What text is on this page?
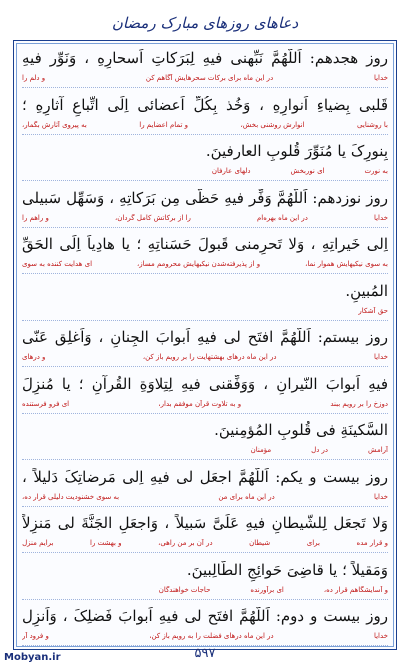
دعاهای روزهای مبارک رمضان
روز هجدهم: اَللّهُمَّ نَبِّهنی فیهِ لِبَرَکاتِ اَسحارِهِ ، وَنَوِّر فیهِ
خدایا
در این ماه برای برکات سحرهایش آگاهم کن
و دلم را
قَلبی بِضیاءِ اَنوارِهِ ، وَخُذ بِکُلِّ اَعضائی اِلَی اتِّباعِ آثارِهِ ؛
با روشنایی
انوارش روشنی بخش،
و تمام اعضایم را
به پیروی آثارش بگمار،
بِنورِکَ یا مُنَوِّرَ قُلوبِ العارفینَ.
به نورت
ای نوربخش
دلهای عارفان
روز نوزدهم: اَللّهُمَّ وَفِّر فیهِ حَظّی مِن بَرَکاتِهِ ، وَسَهِّل سَبیلی
خدایا
در این ماه بهره‌ام
را از برکاتش کامل گردان،
و راهم را
اِلی خَیراتِهِ ، وَلا تَحرِمنی قَبولَ حَسَناتِهِ ؛ یا هادِیاً اِلَی الحَقِّ
به سوی نیکیهایش هموار نما،
و از پذیرفته‌شدن نیکیهایش محرومم مساز،
ای هدایت کننده به سوی
المُبینِ.
حق آشکار
روز بیستم: اَللّهُمَّ افتَح لی فیهِ اَبوابَ الجِنانِ ، وَاَغلِق عَنّی
خدایا
در این ماه درهای بهشتهایت را بر رویم باز کن،
و درهای
فیهِ اَبوابَ النّیرانِ ، وَوَفِّقنی فیهِ لِتِلاوَةِ القُرآنِ ؛ یا مُنزِلَ
دوزخ را بر رویم ببند
و به تلاوت قرآن موفقم بدار،
ای فرو فرستنده
السَّکینَةِ فی قُلوبِ المُؤمِنینَ.
آرامش
در دل
مؤمنان
روز بیست و یکم: اَللّهُمَّ اجعَل لی فیهِ اِلی مَرضاتِکَ دَلیلاً ،
خدایا
در این ماه برای من
به سوی خشنودیت دلیلی قرار ده،
وَلا تَجعَل لِلشَّیطانِ فیهِ عَلَیَّ سَبیلاً ، وَاجعَلِ الجَنَّةَ لی مَنزِلاً
و قرار مده
برای
شیطان
در آن بر من راهی،
و بهشت را
برایم منزل
وَمَقیلاً ؛ یا قاضِیَ حَوائِجِ الطّالِبینَ.
و آسایشگاهم قرار ده،
ای برآورنده
حاجات خواهندگان
روز بیست و دوم: اَللّهُمَّ افتَح لی فیهِ اَبوابَ فَضلِکَ ، وَاَنزِل
خدایا
در این ماه درهای فضلت را به رویم باز کن،
و فرود آر
۵۹۷
Mobyan.ir
